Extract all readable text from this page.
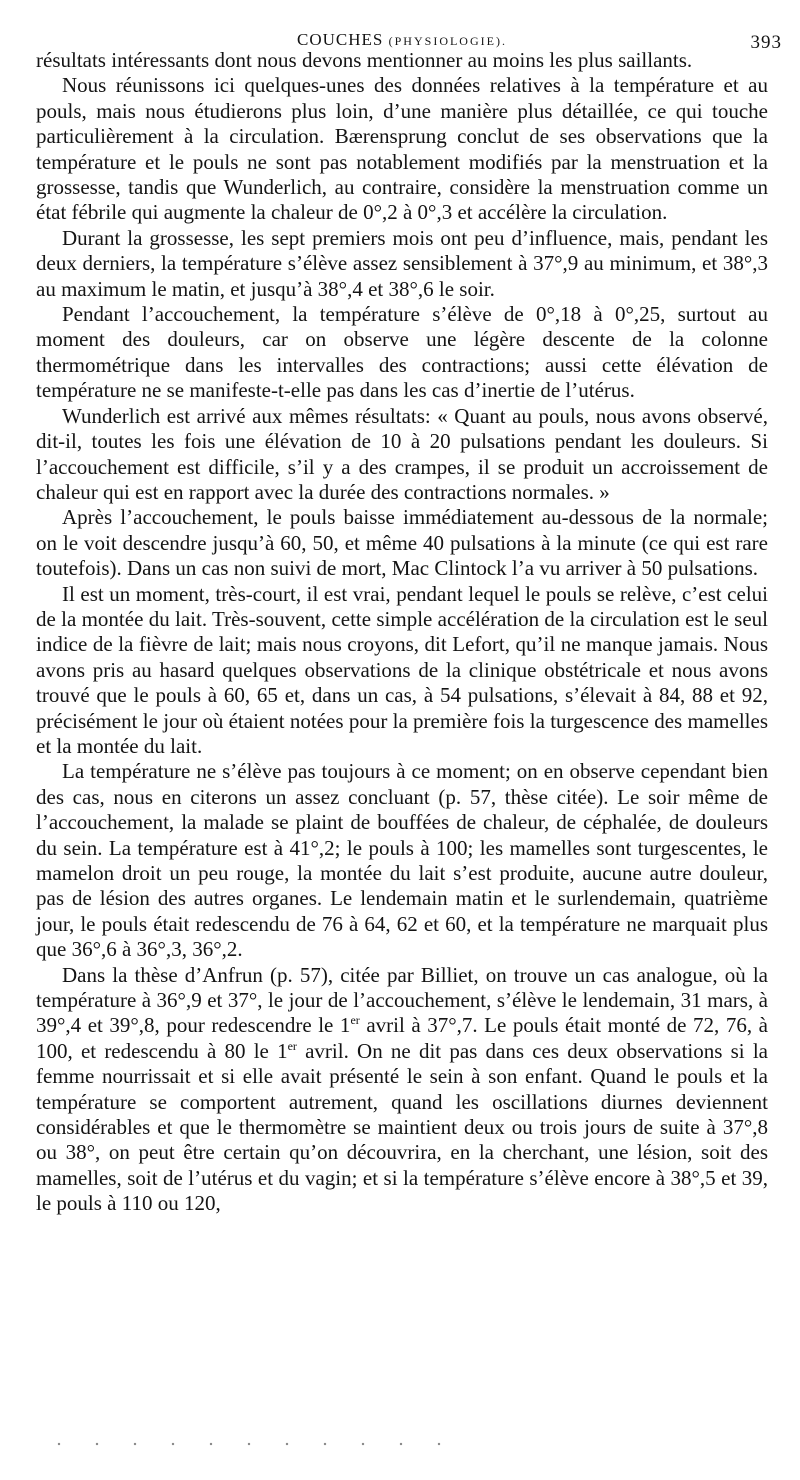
COUCHES (PHYSIOLOGIE).	393

résultats intéressants dont nous devons mentionner au moins les plus saillants.

Nous réunissons ici quelques-unes des données relatives à la température et au pouls, mais nous étudierons plus loin, d’une manière plus détaillée, ce qui touche particulièrement à la circulation. Bærensprung conclut de ses observations que la température et le pouls ne sont pas notablement modifiés par la menstruation et la grossesse, tandis que Wunderlich, au contraire, considère la menstruation comme un état fébrile qui augmente la chaleur de 0°,2 à 0°,3 et accélère la circulation.

Durant la grossesse, les sept premiers mois ont peu d’influence, mais, pendant les deux derniers, la température s’élève assez sensiblement à 37°,9 au minimum, et 38°,3 au maximum le matin, et jusqu’à 38°,4 et 38°,6 le soir.

Pendant l’accouchement, la température s’élève de 0°,18 à 0°,25, surtout au moment des douleurs, car on observe une légère descente de la colonne thermométrique dans les intervalles des contractions; aussi cette élévation de température ne se manifeste-t-elle pas dans les cas d’inertie de l’utérus.

Wunderlich est arrivé aux mêmes résultats: « Quant au pouls, nous avons observé, dit-il, toutes les fois une élévation de 10 à 20 pulsations pendant les douleurs. Si l’accouchement est difficile, s’il y a des crampes, il se produit un accroissement de chaleur qui est en rapport avec la durée des contractions normales. »

Après l’accouchement, le pouls baisse immédiatement au-dessous de la normale; on le voit descendre jusqu’à 60, 50, et même 40 pulsations à la minute (ce qui est rare toutefois). Dans un cas non suivi de mort, Mac Clintock l’a vu arriver à 50 pulsations.

Il est un moment, très-court, il est vrai, pendant lequel le pouls se relève, c’est celui de la montée du lait. Très-souvent, cette simple accélération de la circulation est le seul indice de la fièvre de lait; mais nous croyons, dit Lefort, qu’il ne manque jamais. Nous avons pris au hasard quelques observations de la clinique obstétricale et nous avons trouvé que le pouls à 60, 65 et, dans un cas, à 54 pulsations, s’élevait à 84, 88 et 92, précisément le jour où étaient notées pour la première fois la turgescence des mamelles et la montée du lait.

La température ne s’élève pas toujours à ce moment; on en observe cependant bien des cas, nous en citerons un assez concluant (p. 57, thèse citée). Le soir même de l’accouchement, la malade se plaint de bouffées de chaleur, de céphalée, de douleurs du sein. La température est à 41°,2; le pouls à 100; les mamelles sont turgescentes, le mamelon droit un peu rouge, la montée du lait s’est produite, aucune autre douleur, pas de lésion des autres organes. Le lendemain matin et le surlendemain, quatrième jour, le pouls était redescendu de 76 à 64, 62 et 60, et la température ne marquait plus que 36°,6 à 36°,3, 36°,2.

Dans la thèse d’Anfrun (p. 57), citée par Billiet, on trouve un cas analogue, où la température à 36°,9 et 37°, le jour de l’accouchement, s’élève le lendemain, 31 mars, à 39°,4 et 39°,8, pour redescendre le 1er avril à 37°,7. Le pouls était monté de 72, 76, à 100, et redescendu à 80 le 1er avril. On ne dit pas dans ces deux observations si la femme nourrissait et si elle avait présenté le sein à son enfant. Quand le pouls et la température se comportent autrement, quand les oscillations diurnes deviennent considérables et que le thermomètre se maintient deux ou trois jours de suite à 37°,8 ou 38°, on peut être certain qu’on découvrira, en la cherchant, une lésion, soit des mamelles, soit de l’utérus et du vagin; et si la température s’élève encore à 38°,5 et 39, le pouls à 110 ou 120,
